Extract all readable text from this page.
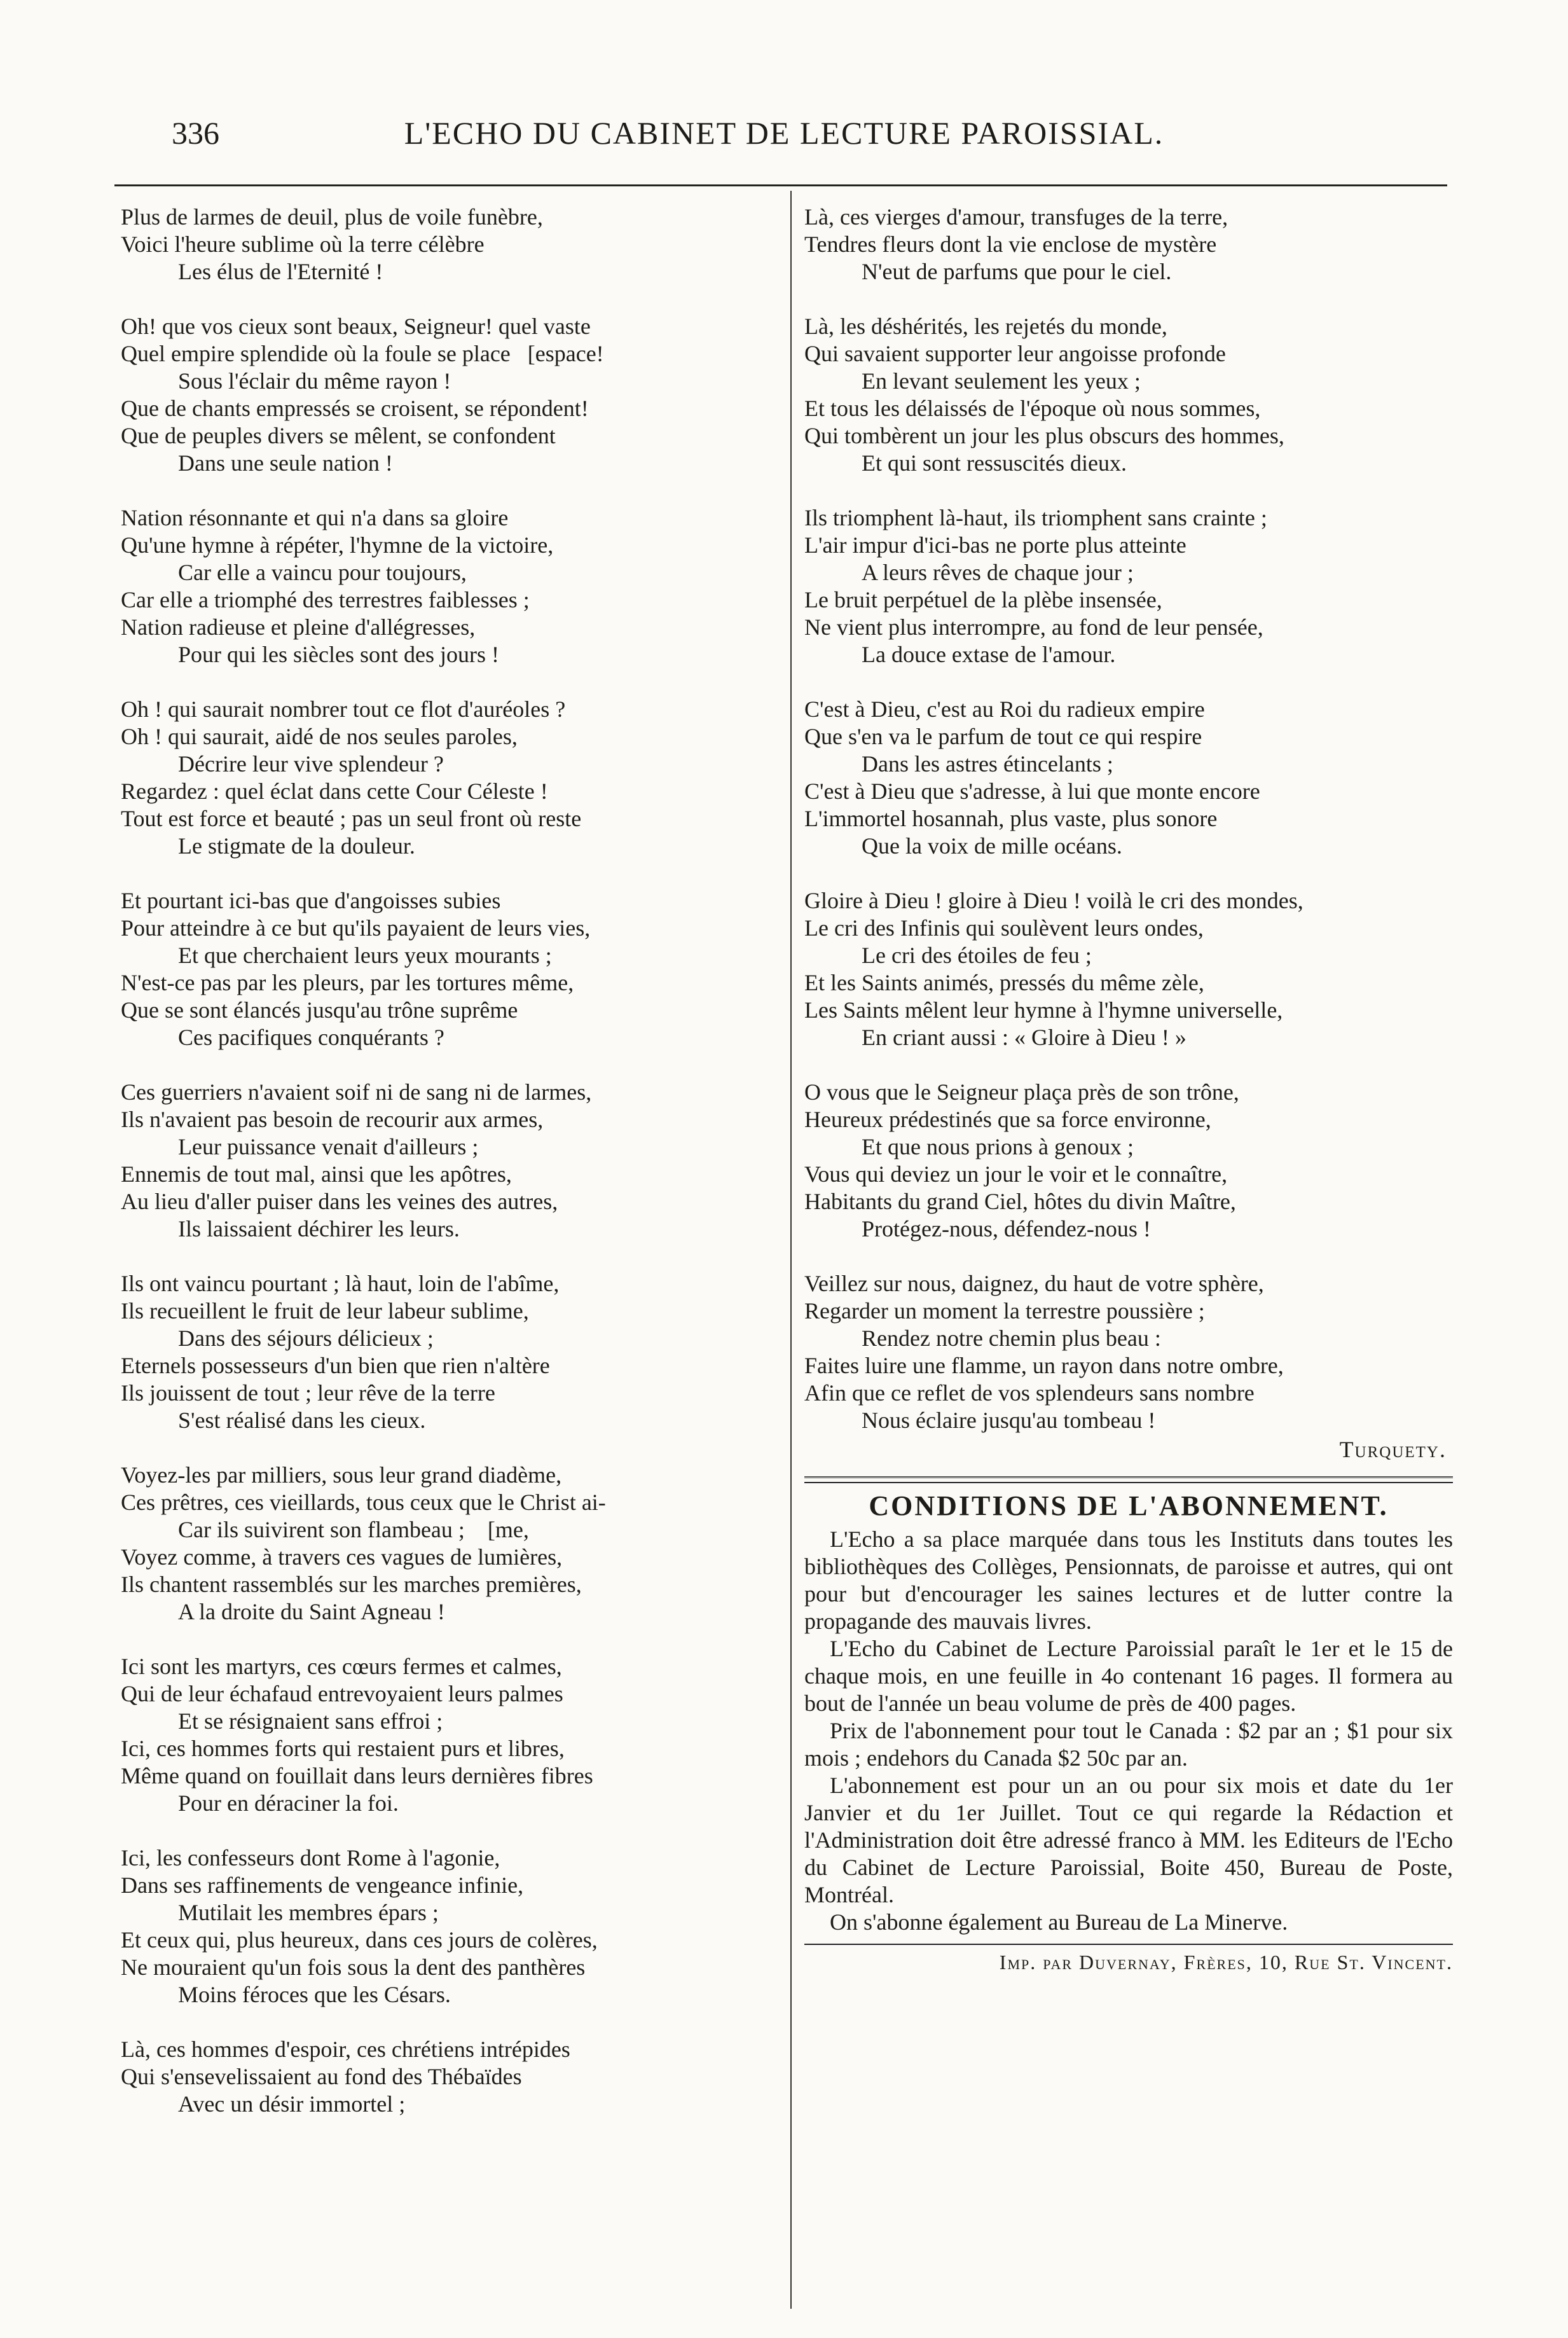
336	L'ECHO DU CABINET DE LECTURE PAROISSIAL.
Plus de larmes de deuil, plus de voile funèbre,
Voici l'heure sublime où la terre célèbre
Les élus de l'Eternité !
Oh! que vos cieux sont beaux, Seigneur! quel vaste
Quel empire splendide où la foule se place   [espace!
Sous l'éclair du même rayon !
Que de chants empressés se croisent, se répondent!
Que de peuples divers se mêlent, se confondent
Dans une seule nation !
Nation résonnante et qui n'a dans sa gloire
Qu'une hymne à répéter, l'hymne de la victoire,
Car elle a vaincu pour toujours,
Car elle a triomphé des terrestres faiblesses ;
Nation radieuse et pleine d'allégresses,
Pour qui les siècles sont des jours !
Oh ! qui saurait nombrer tout ce flot d'auréoles ?
Oh ! qui saurait, aidé de nos seules paroles,
Décrire leur vive splendeur ?
Regardez : quel éclat dans cette Cour Céleste !
Tout est force et beauté ; pas un seul front où reste
Le stigmate de la douleur.
Et pourtant ici-bas que d'angoisses subies
Pour atteindre à ce but qu'ils payaient de leurs vies,
Et que cherchaient leurs yeux mourants ;
N'est-ce pas par les pleurs, par les tortures même,
Que se sont élancés jusqu'au trône suprême
Ces pacifiques conquérants ?
Ces guerriers n'avaient soif ni de sang ni de larmes,
Ils n'avaient pas besoin de recourir aux armes,
Leur puissance venait d'ailleurs ;
Ennemis de tout mal, ainsi que les apôtres,
Au lieu d'aller puiser dans les veines des autres,
Ils laissaient déchirer les leurs.
Ils ont vaincu pourtant ; là haut, loin de l'abîme,
Ils recueillent le fruit de leur labeur sublime,
Dans des séjours délicieux ;
Eternels possesseurs d'un bien que rien n'altère
Ils jouissent de tout ; leur rêve de la terre
S'est réalisé dans les cieux.
Voyez-les par milliers, sous leur grand diadème,
Ces prêtres, ces vieillards, tous ceux que le Christ ai-
Car ils suivirent son flambeau ;    [me,
Voyez comme, à travers ces vagues de lumières,
Ils chantent rassemblés sur les marches premières,
A la droite du Saint Agneau !
Ici sont les martyrs, ces cœurs fermes et calmes,
Qui de leur échafaud entrevoyaient leurs palmes
Et se résignaient sans effroi ;
Ici, ces hommes forts qui restaient purs et libres,
Même quand on fouillait dans leurs dernières fibres
Pour en déraciner la foi.
Ici, les confesseurs dont Rome à l'agonie,
Dans ses raffinements de vengeance infinie,
Mutilait les membres épars ;
Et ceux qui, plus heureux, dans ces jours de colères,
Ne mouraient qu'un fois sous la dent des panthères
Moins féroces que les Césars.
Là, ces hommes d'espoir, ces chrétiens intrépides
Qui s'ensevelissaient au fond des Thébaïdes
Avec un désir immortel ;
Là, ces vierges d'amour, transfuges de la terre,
Tendres fleurs dont la vie enclose de mystère
N'eut de parfums que pour le ciel.
Là, les déshérités, les rejetés du monde,
Qui savaient supporter leur angoisse profonde
En levant seulement les yeux ;
Et tous les délaissés de l'époque où nous sommes,
Qui tombèrent un jour les plus obscurs des hommes,
Et qui sont ressuscités dieux.
Ils triomphent là-haut, ils triomphent sans crainte ;
L'air impur d'ici-bas ne porte plus atteinte
A leurs rêves de chaque jour ;
Le bruit perpétuel de la plèbe insensée,
Ne vient plus interrompre, au fond de leur pensée,
La douce extase de l'amour.
C'est à Dieu, c'est au Roi du radieux empire
Que s'en va le parfum de tout ce qui respire
Dans les astres étincelants ;
C'est à Dieu que s'adresse, à lui que monte encore
L'immortel hosannah, plus vaste, plus sonore
Que la voix de mille océans.
Gloire à Dieu ! gloire à Dieu ! voilà le cri des mondes,
Le cri des Infinis qui soulèvent leurs ondes,
Le cri des étoiles de feu ;
Et les Saints animés, pressés du même zèle,
Les Saints mêlent leur hymne à l'hymne universelle,
En criant aussi : « Gloire à Dieu ! »
O vous que le Seigneur plaça près de son trône,
Heureux prédestinés que sa force environne,
Et que nous prions à genoux ;
Vous qui deviez un jour le voir et le connaître,
Habitants du grand Ciel, hôtes du divin Maître,
Protégez-nous, défendez-nous !
Veillez sur nous, daignez, du haut de votre sphère,
Regarder un moment la terrestre poussière ;
Rendez notre chemin plus beau :
Faites luire une flamme, un rayon dans notre ombre,
Afin que ce reflet de vos splendeurs sans nombre
Nous éclaire jusqu'au tombeau !
Turquety.
CONDITIONS DE L'ABONNEMENT.

L'Echo a sa place marquée dans tous les Instituts dans toutes les bibliothèques des Collèges, Pensionnats, de paroisse et autres, qui ont pour but d'encourager les saines lectures et de lutter contre la propagande des mauvais livres.

L'Echo du Cabinet de Lecture Paroissial paraît le 1er et le 15 de chaque mois, en une feuille in 4o contenant 16 pages. Il formera au bout de l'année un beau volume de près de 400 pages.

Prix de l'abonnement pour tout le Canada : $2 par an ; $1 pour six mois ; endehors du Canada $2 50c par an.

L'abonnement est pour un an ou pour six mois et date du 1er Janvier et du 1er Juillet. Tout ce qui regarde la Rédaction et l'Administration doit être adressé franco à MM. les Editeurs de l'Echo du Cabinet de Lecture Paroissial, Boite 450, Bureau de Poste, Montréal.

On s'abonne également au Bureau de La Minerve.

Imp. par Duvernay, Frères, 10, Rue St. Vincent.
